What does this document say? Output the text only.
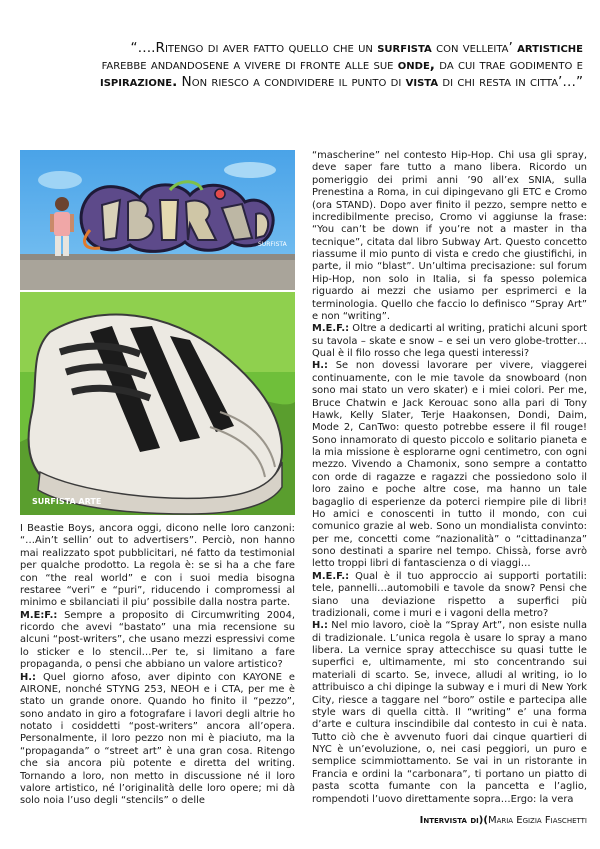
“….Ritengo di aver fatto quello che un surfista con velleita’ artistiche farebbe andandosene a vivere di fronte alle sue onde, da cui trae godimento e ispirazione. Non riesco a condividere il punto di vista di chi resta in citta’…”
SURFISTA
SURFISTA ARTE

I Beastie Boys, ancora oggi, dicono nelle loro canzoni: “…Ain’t sellin’ out to advertisers”. Perciò, non hanno mai realizzato spot pubblicitari, né fatto da testimonial per qualche prodotto. La regola è: se si ha a che fare con “the real world” e con i suoi media bisogna restaree “veri” e “puri”, riducendo i compromessi al minimo e sbilanciati il piu’ possibile dalla nostra parte.

M.E:F.: Sempre a proposito di Circumwriting 2004, ricordo che avevi “bastato” una mia recensione su alcuni “post-writers”, che usano mezzi espressivi come lo sticker e lo stencil…Per te, si limitano a fare propaganda, o pensi che abbiano un valore artistico?

H.: Quel giorno afoso, aver dipinto con KAYONE e AIRONE, nonché STYNG 253, NEOH e i CTA, per me è stato un grande onore. Quando ho finito il “pezzo”, sono andato in giro a fotografare i lavori degli altrie ho notato i cosiddetti “post-writers” ancora all’opera. Personalmente, il loro pezzo non mi è piaciuto, ma la “propaganda” o “street art” è una gran cosa. Ritengo che sia ancora più potente e diretta del writing. Tornando a loro, non metto in discussione né il loro valore artistico, né l’originalità delle loro opere; mi dà solo noia l’uso degli “stencils” o delle

“mascherine” nel contesto Hip-Hop. Chi usa gli spray, deve saper fare tutto a mano libera. Ricordo un pomeriggio dei primi anni ’90 all’ex SNIA, sulla Prenestina a Roma, in cui dipingevano gli ETC e Cromo (ora STAND). Dopo aver finito il pezzo, sempre netto e incredibilmente preciso, Cromo vi aggiunse la frase: “You can’t be down if you’re not a master in tha tecnique”, citata dal libro Subway Art. Questo concetto riassume il mio punto di vista e credo che giustifichi, in parte, il mio “blast”. Un’ultima precisazione: sul forum Hip-Hop, non solo in Italia, si fa spesso polemica riguardo ai mezzi che usiamo per esprimerci e la terminologia. Quello che faccio lo definisco “Spray Art” e non “writing”.

M.E.F.: Oltre a dedicarti al writing, pratichi alcuni sport su tavola – skate e snow – e sei un vero globe-trotter…Qual è il filo rosso che lega questi interessi?

H.: Se non dovessi lavorare per vivere, viaggerei continuamente, con le mie tavole da snowboard (non sono mai stato un vero skater) e i miei colori. Per me, Bruce Chatwin e Jack Kerouac sono alla pari di Tony Hawk, Kelly Slater, Terje Haakonsen, Dondi, Daim, Mode 2, CanTwo: questo potrebbe essere il fil rouge! Sono innamorato di questo piccolo e solitario pianeta e la mia missione è esplorarne ogni centimetro, con ogni mezzo. Vivendo a Chamonix, sono sempre a contatto con orde di ragazze e ragazzi che possiedono solo il loro zaino e poche altre cose, ma hanno un tale bagaglio di esperienze da poterci riempire pile di libri! Ho amici e conoscenti in tutto il mondo, con cui comunico grazie al web. Sono un mondialista convinto: per me, concetti come “nazionalità” o “cittadinanza” sono destinati a sparire nel tempo. Chissà, forse avrò letto troppi libri di fantascienza o di viaggi…

M.E.F.: Qual è il tuo approccio ai supporti portatili: tele, pannelli…automobili e tavole da snow? Pensi che siano una deviazione rispetto a superfici più tradizionali, come i muri e i vagoni della metro?

H.: Nel mio lavoro, cioè la “Spray Art”, non esiste nulla di tradizionale. L’unica regola è usare lo spray a mano libera. La vernice spray attecchisce su quasi tutte le superfici e, ultimamente, mi sto concentrando sui materiali di scarto. Se, invece, alludi al writing, io lo attribuisco a chi dipinge la subway e i muri di New York City, riesce a taggare nel “boro” ostile e partecipa alle style wars di quella città. Il “writing” e’ una forma d’arte e cultura inscindibile dal contesto in cui è nata. Tutto ciò che è avvenuto fuori dai cinque quartieri di NYC è un’evoluzione, o, nei casi peggiori, un puro e semplice scimmiottamento. Se vai in un ristorante in Francia e ordini la “carbonara”, ti portano un piatto di pasta scotta fumante con la pancetta e l’aglio, rompendoti l’uovo direttamente sopra…Ergo: la vera

Intervista di)(Maria Egizia Fiaschetti
